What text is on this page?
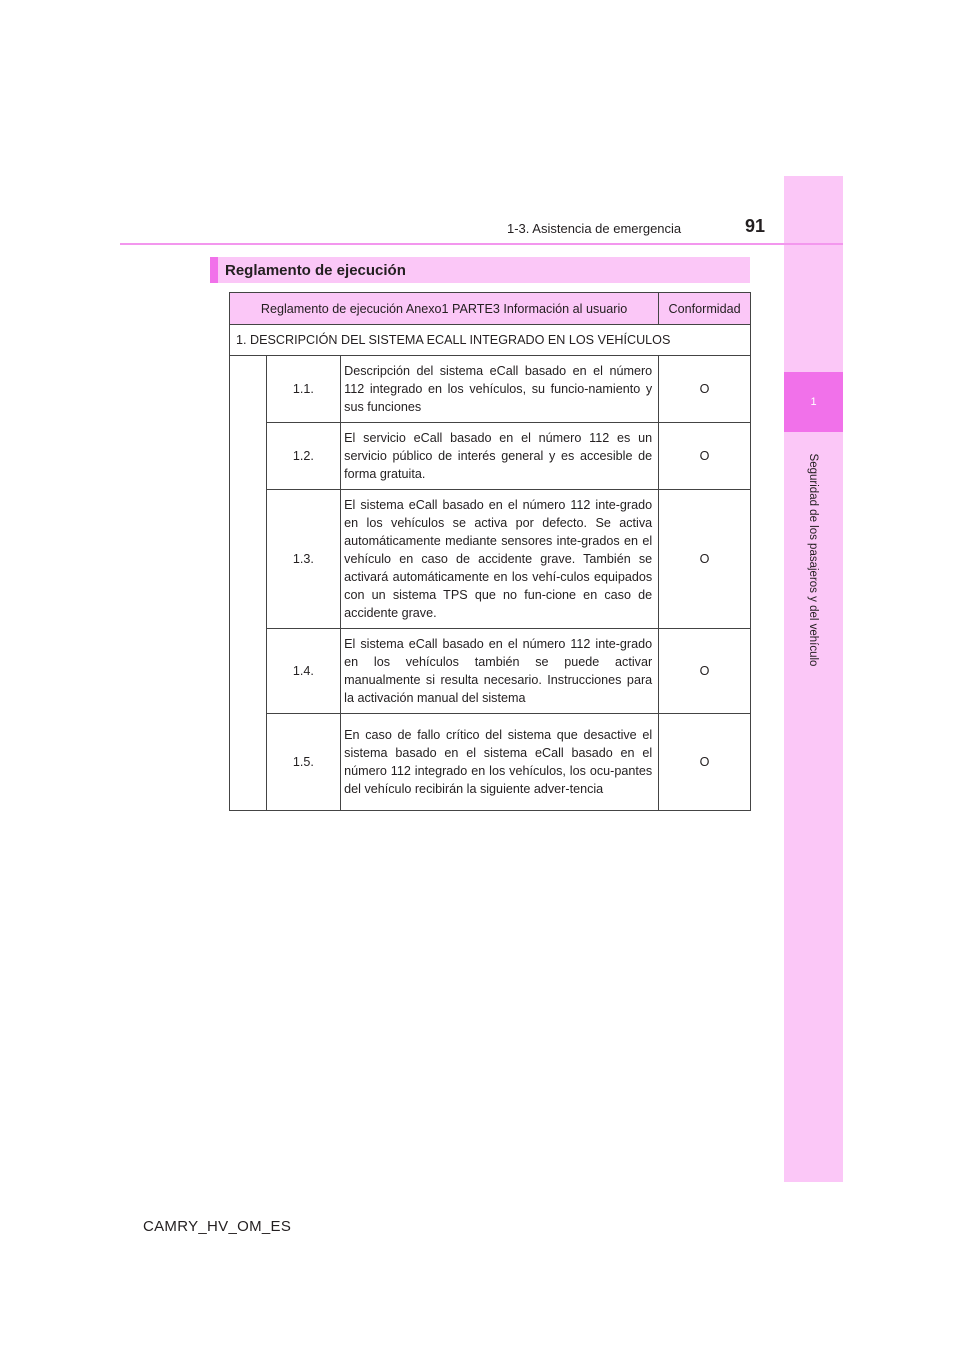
1
Seguridad de los pasajeros y del vehículo
1-3. Asistencia de emergencia	91
Reglamento de ejecución
Reglamento de ejecución Anexo1 PARTE3 Información al usuario			Conformidad
1. DESCRIPCIÓN DEL SISTEMA ECALL INTEGRADO EN LOS VEHÍCULOS			
	1.1.	Descripción del sistema eCall basado en el número 112 integrado en los vehículos, su funcio-namiento y sus funciones	O
	1.2.	El servicio eCall basado en el número 112 es un servicio público de interés general y es accesible de forma gratuita.	O
	1.3.	El sistema eCall basado en el número 112 inte-grado en los vehículos se activa por defecto. Se activa automáticamente mediante sensores inte-grados en el vehículo en caso de accidente grave. También se activará automáticamente en los vehí-culos equipados con un sistema TPS que no fun-cione en caso de accidente grave.	O
	1.4.	El sistema eCall basado en el número 112 inte-grado en los vehículos también se puede activar manualmente si resulta necesario. Instrucciones para la activación manual del sistema	O
	1.5.	En caso de fallo crítico del sistema que desactive el sistema basado en el sistema eCall basado en el número 112 integrado en los vehículos, los ocu-pantes del vehículo recibirán la siguiente adver-tencia	O
CAMRY_HV_OM_ES
